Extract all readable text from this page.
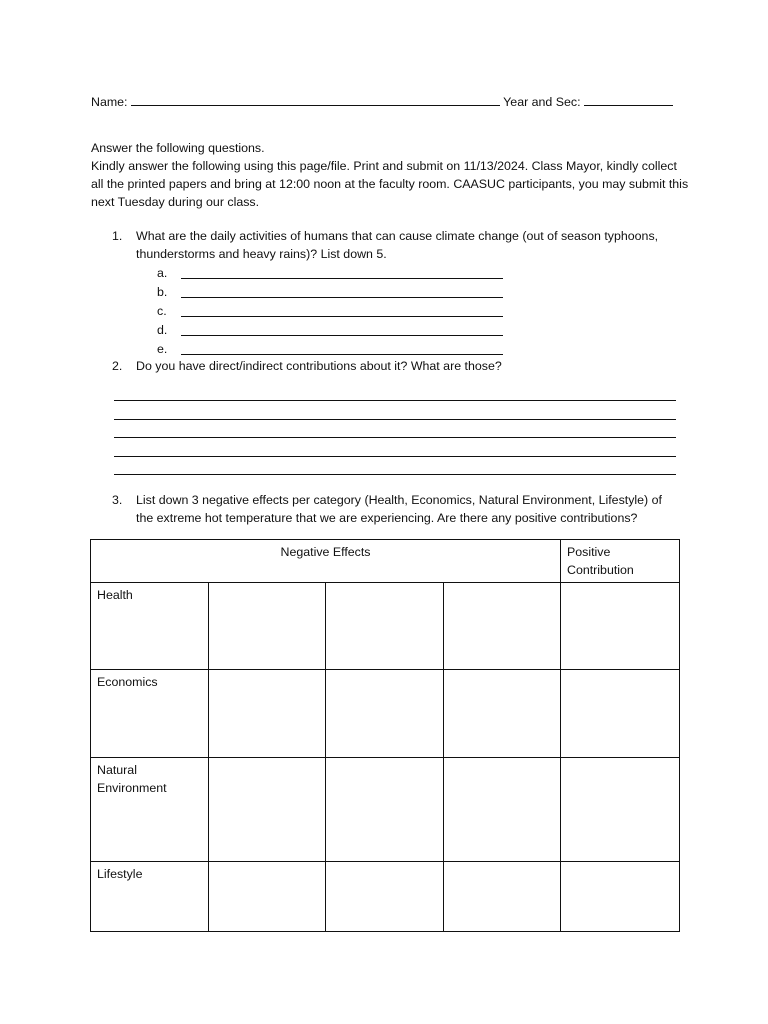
Name:	Year and Sec:

Answer the following questions.

Kindly answer the following using this page/file. Print and submit on 11/13/2024. Class Mayor, kindly collect all the printed papers and bring at 12:00 noon at the faculty room. CAASUC participants, you may submit this next Tuesday during our class.

1. What are the daily activities of humans that can cause climate change (out of season typhoons, thunderstorms and heavy rains)? List down 5.
a.
b.
c.
d.
e.
2. Do you have direct/indirect contributions about it? What are those?
3. List down 3 negative effects per category (Health, Economics, Natural Environment, Lifestyle) of the extreme hot temperature that we are experiencing. Are there any positive contributions?
Negative Effects				Positive Contribution
Health				
Economics				
Natural Environment				
Lifestyle				
